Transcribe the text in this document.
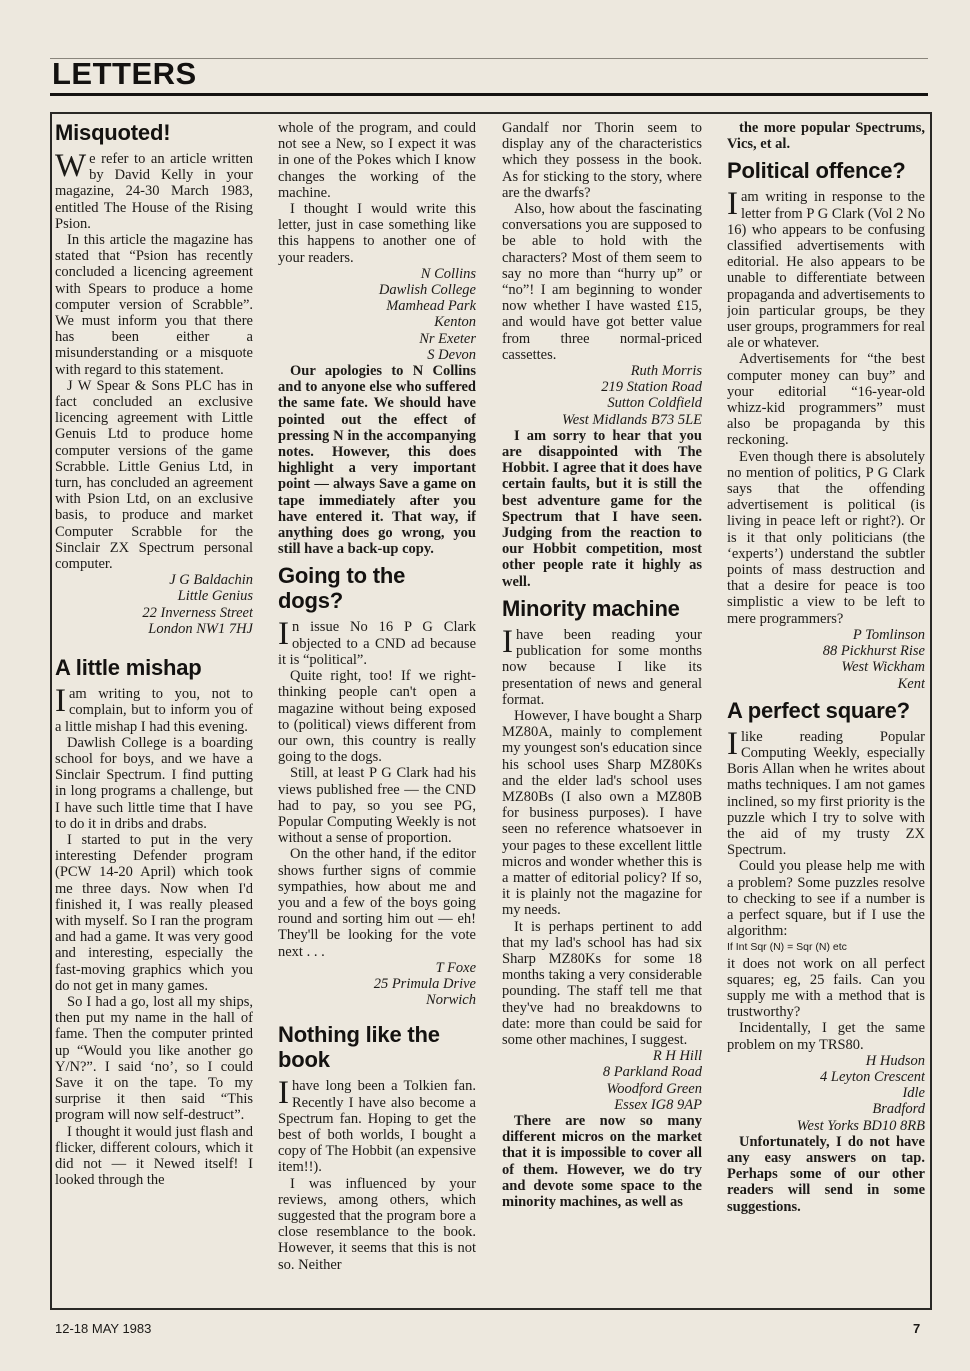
LETTERS
Misquoted!

We refer to an article written by David Kelly in your magazine, 24-30 March 1983, entitled The House of the Rising Psion.

In this article the magazine has stated that “Psion has recently concluded a licencing agreement with Spears to produce a home computer version of Scrabble”. We must inform you that there has been either a misunderstanding or a misquote with regard to this statement.

J W Spear & Sons PLC has in fact concluded an exclusive licencing agreement with Little Genuis Ltd to produce home computer versions of the game Scrabble. Little Genius Ltd, in turn, has concluded an agreement with Psion Ltd, on an exclusive basis, to produce and market Computer Scrabble for the Sinclair ZX Spectrum personal computer.

J G Baldachin

Little Genius

22 Inverness Street

London NW1 7HJ

A little mishap

I am writing to you, not to complain, but to inform you of a little mishap I had this evening.

Dawlish College is a boarding school for boys, and we have a Sinclair Spectrum. I find putting in long programs a challenge, but I have such little time that I have to do it in dribs and drabs.

I started to put in the very interesting Defender program (PCW 14-20 April) which took me three days. Now when I'd finished it, I was really pleased with myself. So I ran the program and had a game. It was very good and interesting, especially the fast-moving graphics which you do not get in many games.

So I had a go, lost all my ships, then put my name in the hall of fame. Then the computer printed up “Would you like another go Y/N?”. I said ‘no’, so I could Save it on the tape. To my surprise it then said “This program will now self-destruct”.

I thought it would just flash and flicker, different colours, which it did not — it Newed itself! I looked through the

whole of the program, and could not see a New, so I expect it was in one of the Pokes which I know changes the working of the machine.

I thought I would write this letter, just in case something like this happens to another one of your readers.

N Collins

Dawlish College

Mamhead Park

Kenton

Nr Exeter

S Devon

Our apologies to N Collins and to anyone else who suffered the same fate. We should have pointed out the effect of pressing N in the accompanying notes. However, this does highlight a very important point — always Save a game on tape immediately after you have entered it. That way, if anything does go wrong, you still have a back-up copy.

Going to the dogs?

In issue No 16 P G Clark objected to a CND ad because it is “political”.

Quite right, too! If we right-thinking people can't open a magazine without being exposed to (political) views different from our own, this country is really going to the dogs.

Still, at least P G Clark had his views published free — the CND had to pay, so you see PG, Popular Computing Weekly is not without a sense of proportion.

On the other hand, if the editor shows further signs of commie sympathies, how about me and you and a few of the boys going round and sorting him out — eh! They'll be looking for the vote next . . .

T Foxe

25 Primula Drive

Norwich

Nothing like the book

I have long been a Tolkien fan. Recently I have also become a Spectrum fan. Hoping to get the best of both worlds, I bought a copy of The Hobbit (an expensive item!!).

I was influenced by your reviews, among others, which suggested that the program bore a close resemblance to the book. However, it seems that this is not so. Neither

Gandalf nor Thorin seem to display any of the characteristics which they possess in the book. As for sticking to the story, where are the dwarfs?

Also, how about the fascinating conversations you are supposed to be able to hold with the characters? Most of them seem to say no more than “hurry up” or “no”! I am beginning to wonder now whether I have wasted £15, and would have got better value from three normal-priced cassettes.

Ruth Morris

219 Station Road

Sutton Coldfield

West Midlands B73 5LE

I am sorry to hear that you are disappointed with The Hobbit. I agree that it does have certain faults, but it is still the best adventure game for the Spectrum that I have seen. Judging from the reaction to our Hobbit competition, most other people rate it highly as well.

Minority machine

I have been reading your publication for some months now because I like its presentation of news and general format.

However, I have bought a Sharp MZ80A, mainly to complement my youngest son's education since his school uses Sharp MZ80Ks and the elder lad's school uses MZ80Bs (I also own a MZ80B for business purposes). I have seen no reference whatsoever in your pages to these excellent little micros and wonder whether this is a matter of editorial policy? If so, it is plainly not the magazine for my needs.

It is perhaps pertinent to add that my lad's school has had six Sharp MZ80Ks for some 18 months taking a very considerable pounding. The staff tell me that they've had no breakdowns to date: more than could be said for some other machines, I suggest.

R H Hill

8 Parkland Road

Woodford Green

Essex IG8 9AP

There are now so many different micros on the market that it is impossible to cover all of them. However, we do try and devote some space to the minority machines, as well as

the more popular Spectrums, Vics, et al.

Political offence?

I am writing in response to the letter from P G Clark (Vol 2 No 16) who appears to be confusing classified advertisements with editorial. He also appears to be unable to differentiate between propaganda and advertisements to join particular groups, be they user groups, programmers for real ale or whatever.

Advertisements for “the best computer money can buy” and your editorial “16-year-old whizz-kid programmers” must also be propaganda by this reckoning.

Even though there is absolutely no mention of politics, P G Clark says that the offending advertisement is political (is living in peace left or right?). Or is it that only politicians (the ‘experts’) understand the subtler points of mass destruction and that a desire for peace is too simplistic a view to be left to mere programmers?

P Tomlinson

88 Pickhurst Rise

West Wickham

Kent

A perfect square?

I like reading Popular Computing Weekly, especially Boris Allan when he writes about maths techniques. I am not games inclined, so my first priority is the puzzle which I try to solve with the aid of my trusty ZX Spectrum.

Could you please help me with a problem? Some puzzles resolve to checking to see if a number is a perfect square, but if I use the algorithm:

If Int Sqr (N) = Sqr (N) etc

it does not work on all perfect squares; eg, 25 fails. Can you supply me with a method that is trustworthy?

Incidentally, I get the same problem on my TRS80.

H Hudson

4 Leyton Crescent

Idle

Bradford

West Yorks BD10 8RB

Unfortunately, I do not have any easy answers on tap. Perhaps some of our other readers will send in some suggestions.

12-18 MAY 1983	7
